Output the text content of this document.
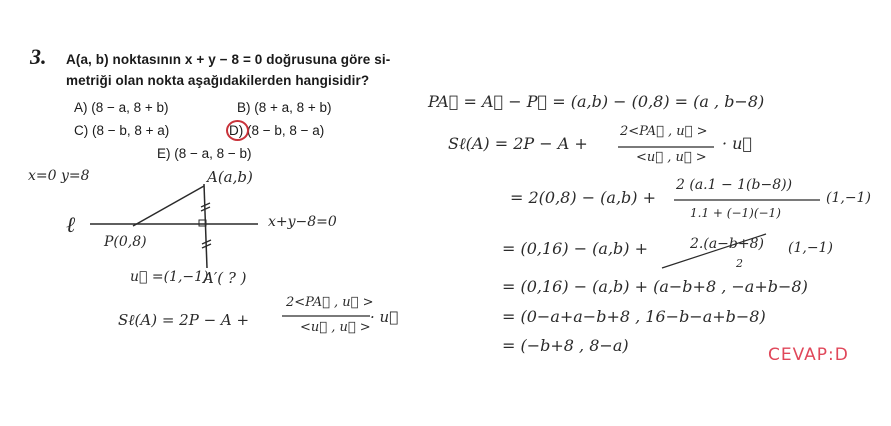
3. A(a, b) noktasının x + y − 8 = 0 doğrusuna göre si-
metriği olan nokta aşağıdakilerden hangisidir?
A) (8 − a, 8 + b)	B) (8 + a, 8 + b)
C) (8 − b, 8 + a)	D) (8 − b, 8 − a)
E) (8 − a, 8 − b)
x=0 y=8
ℓ
A(a,b)
P(0,8)
x+y−8=0
u⃗ =(1,−1)
A′( ? )
Sℓ(A) = 2P − A +
2<PA⃗ , u⃗ >
<u⃗ , u⃗ >
· u⃗
PA⃗ = A⃗ − P⃗ = (a,b) − (0,8) = (a , b−8)
Sℓ(A) = 2P − A +
2<PA⃗ , u⃗ >
<u⃗ , u⃗ >
· u⃗
= 2(0,8) − (a,b) +
2 (a.1 − 1(b−8))
1.1 + (−1)(−1)
(1,−1)
= (0,16) − (a,b) +	2.(a−b+8)
2
(1,−1)
= (0,16) − (a,b) + (a−b+8 , −a+b−8)
= (0−a+a−b+8 , 16−b−a+b−8)
= (−b+8 , 8−a)	CEVAP:D
